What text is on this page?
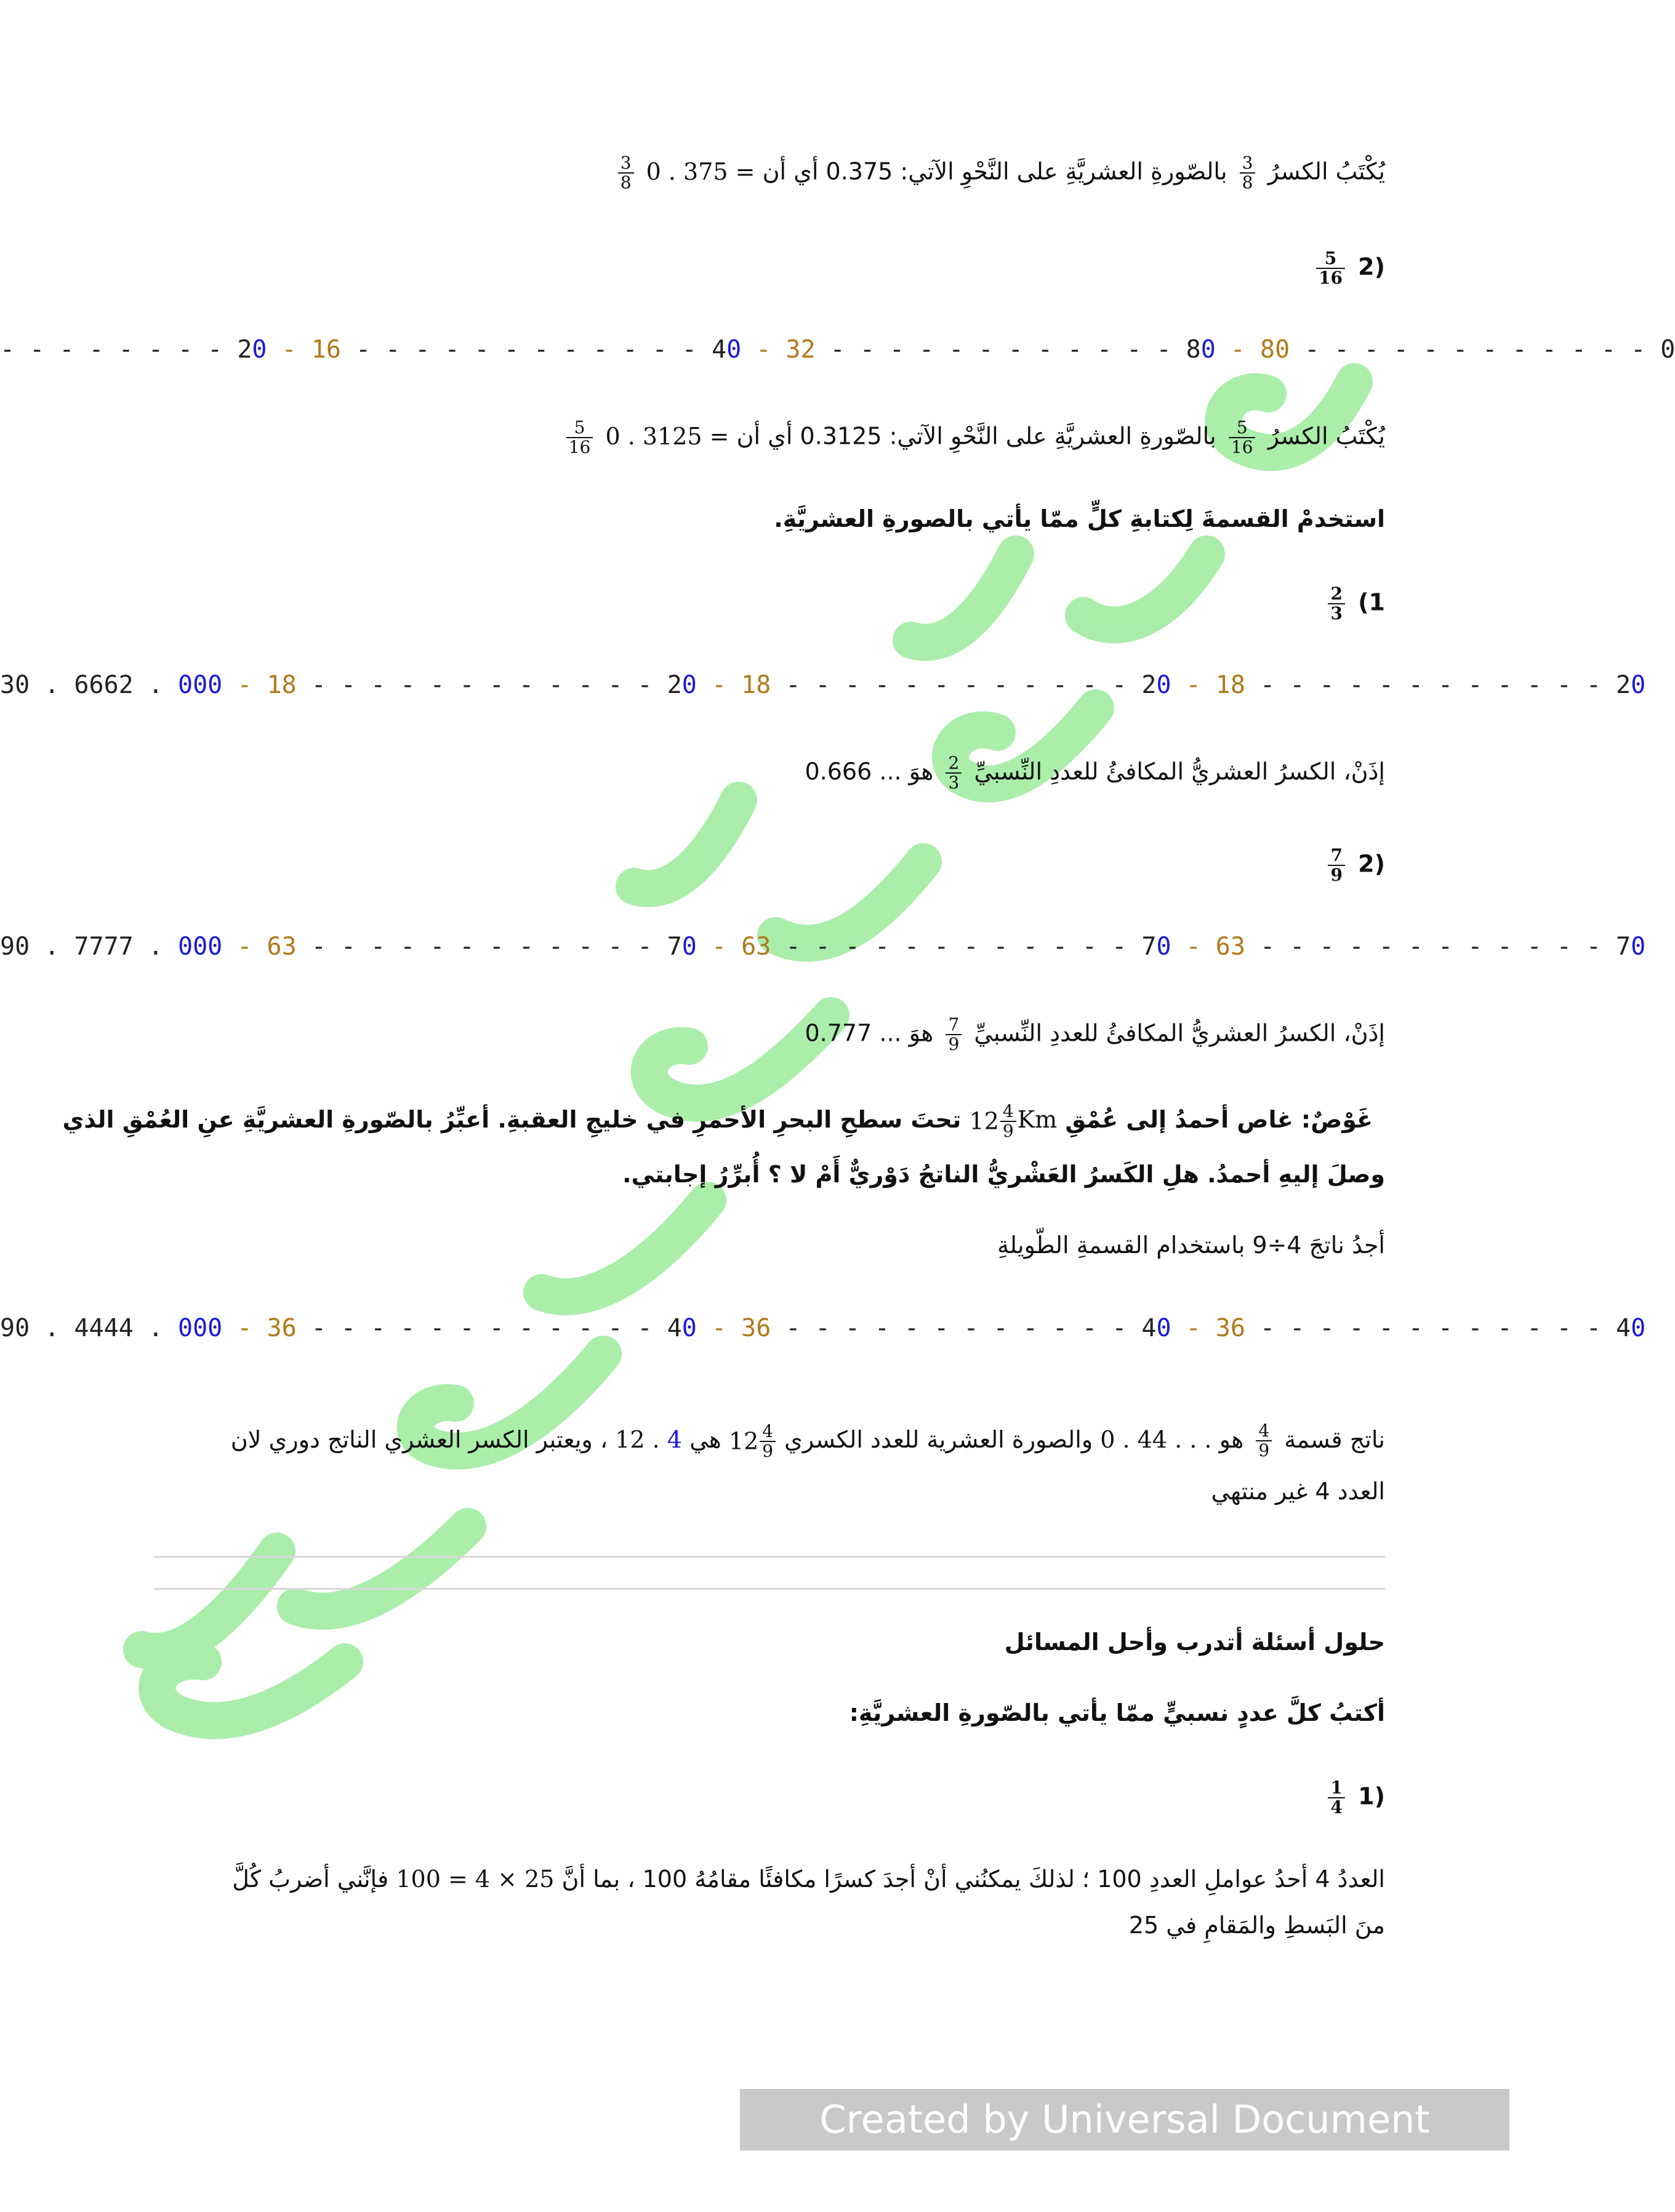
يُكْتَبُ الكسرُ
$\frac{3}{8}$
بالصّورةِ العشريَّةِ على النَّحْوِ الآتي: 0.375 أي أن 0 . 375 =
$\frac{3}{8}$
(2
$\frac{5}{16}$
- - - - - - - - 20 - 16 - - - - - - - - - - - - 40 - 32 - - - - - - - - - - - - 80 - 80 - - - - - - - - - - - - 0
يُكْتَبُ الكسرُ
$\frac{5}{16}$
بالصّورةِ العشريَّةِ على النَّحْوِ الآتي: 0.3125 أي أن 0 . 3125 =
$\frac{5}{16}$
استخدمْ القسمةَ لِكتابةِ كلٍّ ممّا يأتي بالصورةِ العشريَّةِ.
1)
$\frac{2}{3}$
30 . 6662 . 000 - 18 - - - - - - - - - - - - 20 - 18 - - - - - - - - - - - - 20 - 18 - - - - - - - - - - - - 20
إذَنْ، الكسرُ العشريُّ المكافئُ للعددِ النِّسبيِّ
$\frac{2}{3}$
هوَ ... 0.666
(2
$\frac{7}{9}$
90 . 7777 . 000 - 63 - - - - - - - - - - - - 70 - 63 - - - - - - - - - - - - 70 - 63 - - - - - - - - - - - - 70
إذَنْ، الكسرُ العشريُّ المكافئُ للعددِ النِّسبيِّ
$\frac{7}{9}$
هوَ ... 0.777
غَوْصٌ: غاص أحمدُ إلى عُمْقِ $12 \frac{4}{9}$ Km تحتَ سطحِ البحرِ الأحمرِ في خليجِ العقبةِ. أعبِّرُ بالصّورةِ العشريَّةِ عنِ العُمْقِ الذي
وصلَ إليهِ أحمدُ. هلِ الكَسرُ العَشْريُّ الناتجُ دَوْريٌّ أَمْ لا ؟ أُبرِّرُ إجابتي.
أجدُ ناتجَ 4÷9 باستخدام القسمةِ الطّويلةِ
90 . 4444 . 000 - 36 - - - - - - - - - - - - 40 - 36 - - - - - - - - - - - - 40 - 36 - - - - - - - - - - - - 40
ناتج قسمة
$\frac{4}{9}$
هو 0 . 44 . . . والصورة العشرية للعدد الكسري $12 \frac{4}{9}$
هي 12 . 4 ، ويعتبر الكسر العشري الناتج دوري لان
العدد 4 غير منتهي
حلول أسئلة أتدرب وأحل المسائل
أكتبُ كلَّ عددٍ نسبيٍّ ممّا يأتي بالصّورةِ العشريَّةِ:
(1
$\frac{1}{4}$
العددُ 4 أحدُ عواملِ العددِ 100 ؛ لذلكَ يمكنُني أنْ أجدَ كسرًا مكافئًا مقامُهُ 100 ، بما أنَّ 100 = 4 × 25 فإنَّني أضربُ كُلَّ
منَ البَسطِ والمَقامِ في 25
Created by Universal Document Converter
